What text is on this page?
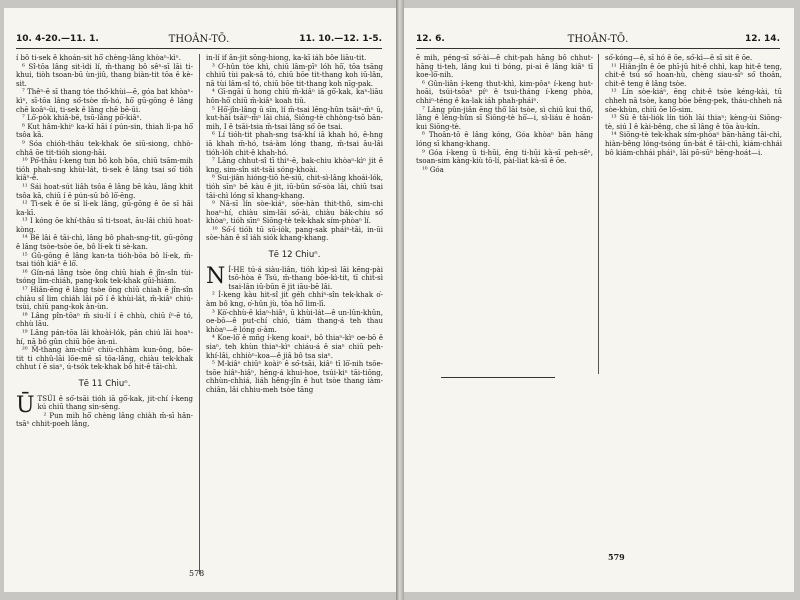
10. 4-20.—11. 1.	THOÂN-TŌ.	11. 10.—12. 1-5.

í bô ti-sek ê khoán-sit hō͘ chèng-lâng khòaⁿ-kìⁿ.

⁶ Sî-tōa lâng sit-ìdi lí, m̄-thang bô sêⁿ-sī lāi ti-khui, tiòh tsoan-bū ùn-jiû, thang biàn-tit tōa ê kè-sit.

⁷ Thêⁿ-ē sī thang tóe thó͘-khùi—ē, góa bat khòaⁿ-kìⁿ, sī-tōa lâng só͘-tsòe m̄-hó, hō͘ gū-gōng ê lâng chē koâⁿ-ūi, ti-sek ê lâng chē bē-ūi.

⁷ Lō͘-pòk khiâ-bē, tsū-lâng pō͘-kiâⁿ.

⁸ Kut hâm-khiⁿ ka-kī hāi í pún-sin, thiah lì-pa hō͘ tsôa kā.

⁹ Sóa chióh-thâu tek-khak ōe siū-siong, chhò-chhâ ōe tit-tióh siong-hāi.

¹⁰ Pó͘-thâu í-keng tun bô koh bōa, chiū tsām-mih tióh phah-sng khùi-lát, ti-sek ê lâng tsai só͘ tióh kiâⁿ-ê.

¹¹ Sái hoat-sút liâh tsôa ê lâng bē kàu, lâng khit tsôa kā, chiū í ē pún-sū bô lō͘-ēng.

¹² Tì-sek ê ōe sī lí-ek lâng, gū-gōng ê ōe sī hāi ka-kī.

¹³ I kóng ōe khí-thâu sī ti-tsoat, āu-lâi chiū hoat-kòng.

¹⁴ Bē lâi ê tāi-chì, lâng bô phah-sng-tit, gū-gōng ê lâng tsòe-tsòe ōe, bô lí-ek ti sè-kan.

¹⁵ Gū-gōng ê lâng kan-ta tióh-bōa bô lí-ek, m̄-tsai tióh kiâⁿ ê lō͘.

¹⁶ Gín-ná lâng tsòe ông chiū hiah ê jîn-sîn tùi-tsóng lim-chiáh, pang-kok tek-khak gūi-hiám.

¹⁷ Hiân-ēng ê lâng tsòe ông chiū chiah ē jîn-sîn chiàu sî lim chiáh lâi pō͘ í ê khùi-lát, m̄-kiâⁿ chiú-tsùi, chiū pang-kok àn-ùn.

¹⁸ Lâng pîn-tōaⁿ m̄ siu-lí í ē chhù, chiū íⁿ-ē tó, chhù lāu.

¹⁹ Lâng pán-tōa lāi khoài-lók, pân chiú lāi hoaⁿ-hí, nā bô gûn chiū bōe àn-ni.

²⁰ M̄-thang àm-chūⁿ chiù-chhàm kun-ông, bōe-tit ti chhû-lāi lōe-mē sī tōa-lâng, chiàu tek-khak chhut í ē siaⁿ, ú-tsók tek-khak bô hit-ê tāi-chì.

Tē 11 Chiuⁿ.

ŪTSÚI ê só͘-tsāi tióh iā gō͘-kak, jit-chí í-keng kú chiū thang sin-sèng.

² Pun mih hō͘ chèng lâng chiàh m̄-sī hân-tsâⁿ chhit-poeh lâng,

in-lí if ân-jit sōng-hiong, ka-kī iáh bôe liāu-tit.

³ O͘-hûn tòe khì, chiū lâm-pīⁿ lóh hō͘, tōa tsāng chhiū tùi pak-sā tó, chiū bōe tit-thang koh iū-lân, nā tùi lâm-sî tó, chiū bōe tit-thang koh nīg-pak.

⁴ Gī-ngāi ū hong chiū m̄-kiâⁿ iā gō͘-kak, kaⁿ-liāu hôn-hō͘ chiū m̄-kiâⁿ koah tiū.

⁵ Hō͘-jîn-lâng ū sīn, lí m̄-tsai lēng-hûn tsāiⁿ-m̄ⁿ ū, kut-hāi tsāiⁿ-m̄ⁿ lāi chiá, Siōng-tè chhòng-tsō bān-mih, I ê tsāi-tsia m̄-tsai lâng só͘ ōe tsai.

⁶ Lí tióh-tit phah-sng tsá-khí iā khah hó, ē-hng iā khah m̄-hó, tsá-àm lóng thang, m̄-tsai āu-lâi tióh-lóh chit-ê khah-hó.

⁷ Lâng chhut-sî tī thiⁿ-ē, bak-chiu khòaⁿ-kìⁿ jit ê kng, sim-sîn sit-tsāi sóng-khoài.

⁸ Sui-jiân hióng-tiō hē-siū, chit-sì-lâng khoái-lók, tióh sīnⁿ bē kàu ê jit, iū-būn só͘-sòa lāi, chiū tsai tāi-chì lóng sī khang-khang.

⁹ Nā-sī lín sòe-kiáⁿ, sòe-hàn thit-thô, sim-chi hoaⁿ-hí, chiàu sim-lāi só͘-ài, chiàu bák-chiu só͘ khòaⁿ, tióh sīnⁿ Siōng-tè tek-khak sím-phòaⁿ lí.

¹⁰ Só͘-í tióh tū sū-iók, pang-sak pháiⁿ-tāi, in-ūi sòe-hàn ê sî iáh siók khang-khang.

Tē 12 Chiuⁿ.

N Í-HE tú-á siàu-liân, tióh kìp-sì lāi kēng-pài tsō-hòa ê Tsú, m̄-thang bōe-kì-tit, tī chit-sì tsai-lān iū-būn ē jit iāu-bē lâi.

² Í-keng kàu hit-sî jit géh chhiⁿ-sîn tek-khak o͘-àm bô kng, o͘-hûn jù, tōa hō͘ lim-lī.

³ Kò͘-chhù-ê kìaⁿ-hiâⁿ, ū khùi-lát—ê un-lûn-khûn, oe-bō—ê put-chí chió, tiám thang-á teh thau khòaⁿ—ê lóng o͘-àm.

⁴ Koe-lō͘ ê mñg í-keng koaiⁿ, bô thiaⁿ-kìⁿ oe-bō ê siaⁿ, teh khùn thiaⁿ-kìⁿ chiáu-á ê siaⁿ chiū peh-khí-lâi, chhiòⁿ-koa—ê jiâ bô tsa siaⁿ.

⁵ M-kiâⁿ chiūⁿ koàiⁿ ê só͘-tsāi, kiâⁿ tī lō͘-nih tsōe-tsōe hiâⁿ-hiâⁿ, hēng-á khui-hoe, tsúi-kiⁿ tāi-tiōng, chhùn-chhiá, liáh hêng-jîn ê hut tsòe thang iàm-chiân, lâi chhiu-meh tsòe tāng

578
12. 6.	THOÂN-TŌ.	12. 14.

ē mih, péng-sī só͘-ài—ê chit-pah hāng bô chhut-hāng ti-teh, lâng kui ti bóng, pi-ai ê lâng kiâⁿ tī koe-lō͘-nih.

⁶ Gûn-liân í-keng thut-khì, kim-pôaⁿ í-keng hut-hoāi, tsúi-tsōaⁿ píⁿ ê tsui-tháng í-keng phòa, chhiⁿ-téng ê ka-lak iáh phah-pháiⁿ.

⁷ Lâng pûn-jiân ēng thô͘ lāi tsòe, sì chiū kui thô͘, lâng ê lêng-hûn sī Siōng-tè hō͘—i, sì-liáu ē hoān-kui Siōng-tè.

⁸ Thoân-tō ê lâng kóng, Góa khòaⁿ bān hāng lóng sī khang-khang.

⁹ Góa í-keng ū ti-hūi, ēng ti-hūi kà-sī peh-sêⁿ, tsoan-sim kàng-kiù tō-lí, pài-liat kà-sī ê ōe.

¹⁰ Góa

só͘-kóng—ê, sī hó ê ōe, só͘-kì—ê sī sit ê ōe.

¹¹ Hiân-jîn ê ōe phī-jū hit-ê chhì, kap hit-ê teng, chit-ê tsú só͘ hoan-hù, chèng siau-sīⁿ só͘ thoân, chit-ê teng ê lâng tsòe.

¹² Lín sòe-kiáⁿ, ēng chit-ê tsòe kéng-kài, tū chheh nā tsòe, kang bōe bêng-pek, tháu-chheh nā sòe-khùn, chiū ōe lō͘-sim.

¹³ Sū ê tāi-liók lín tióh lāi thiaⁿ; kèng-ùi Siōng-tè, siú I ê kài-bêng, che sī lâng ê tōa àu-kín.

¹⁴ Siōng-tè tek-khak sím-phòaⁿ bān-hāng tāi-chì, hiàn-bêng lóng-tsóng ūn-bát ê tāi-chì, kiám-chhái bô kiám-chhái pháiⁿ, lāi pō-sūⁿ bēng-hoát—i.

579
